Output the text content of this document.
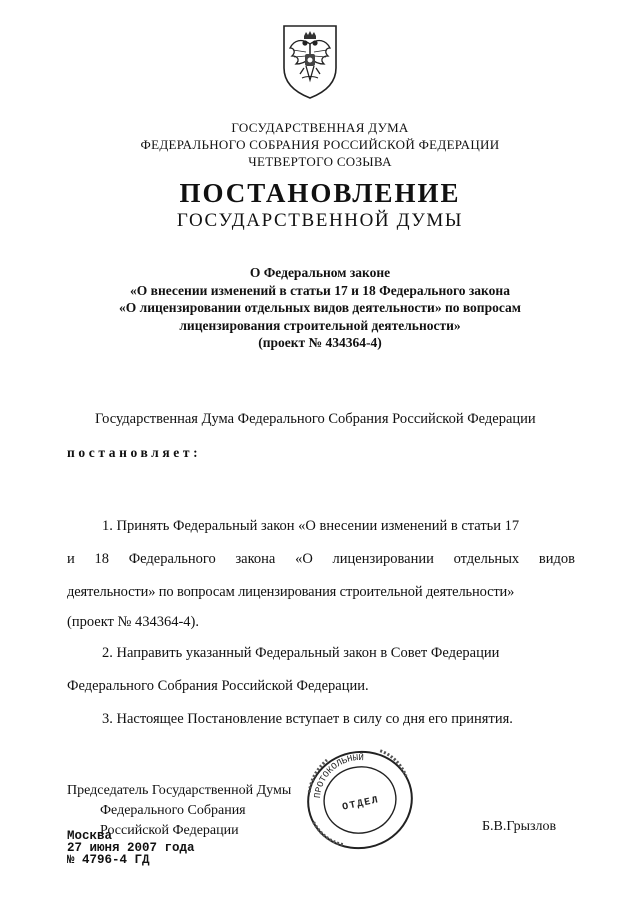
ГОСУДАРСТВЕННАЯ ДУМА
ФЕДЕРАЛЬНОГО СОБРАНИЯ РОССИЙСКОЙ ФЕДЕРАЦИИ
ЧЕТВЕРТОГО СОЗЫВА
ПОСТАНОВЛЕНИЕ
ГОСУДАРСТВЕННОЙ ДУМЫ
О Федеральном законе
«О внесении изменений в статьи 17 и 18 Федерального закона
«О лицензировании отдельных видов деятельности» по вопросам
лицензирования строительной деятельности»
(проект № 434364-4)
Государственная Дума Федерального Собрания Российской Федерации
постановляет:
1. Принять Федеральный закон «О внесении изменений в статьи 17
и 18 Федерального закона «О лицензировании отдельных видов
деятельности» по вопросам лицензирования строительной деятельности»
(проект № 434364-4).
2. Направить указанный Федеральный закон в Совет Федерации
Федерального Собрания Российской Федерации.
3. Настоящее Постановление вступает в силу со дня его принятия.
Председатель Государственной Думы
Федерального Собрания
Российской Федерации	Б.В.Грызлов
Москва
27 июня 2007 года
№ 4796-4 ГД
ПРОТОКОЛЬНЫЙ
ОТДЕЛ
